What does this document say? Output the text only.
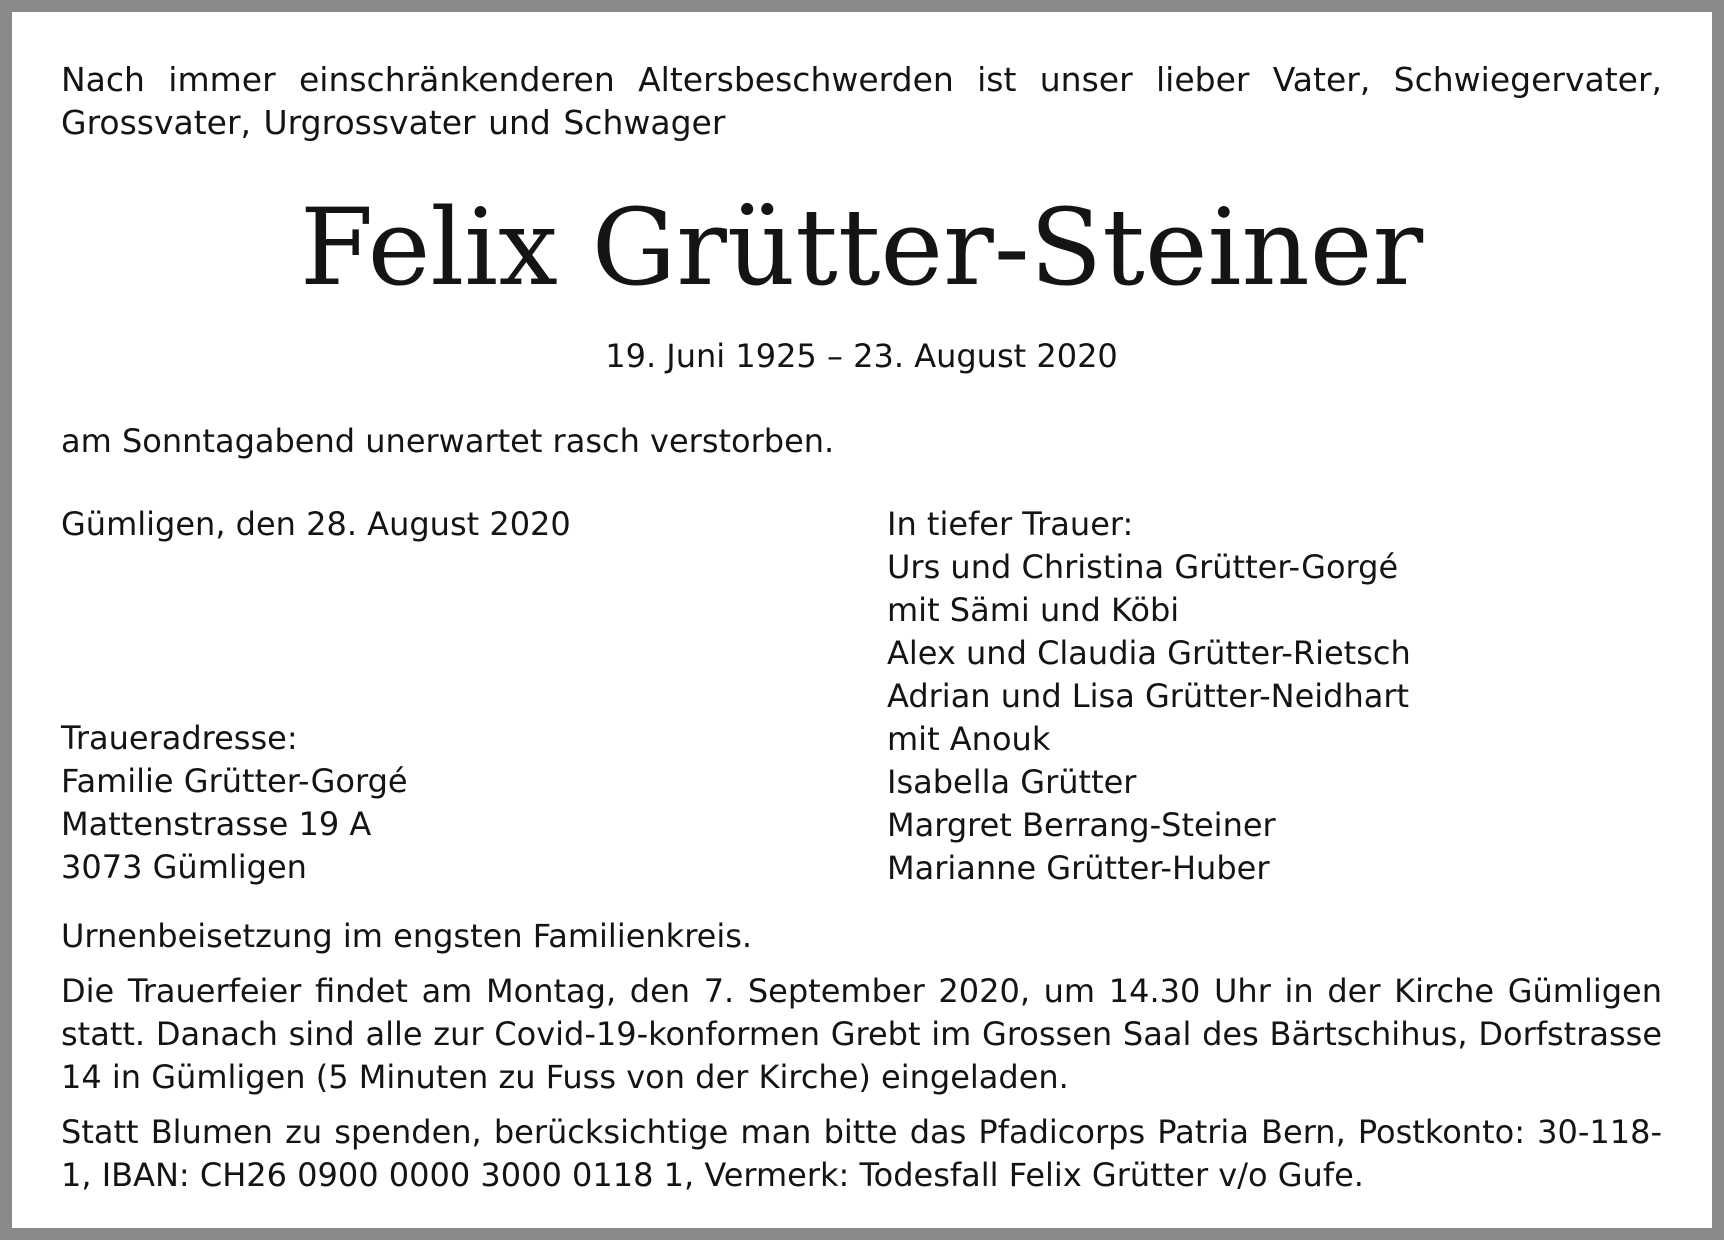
Nach immer einschränkenderen Altersbeschwerden ist unser lieber Vater, Schwiegervater, Grossvater, Urgrossvater und Schwager

Felix Grütter-Steiner

19. Juni 1925 – 23. August 2020

am Sonntagabend unerwartet rasch verstorben.

Gümligen, den 28. August 2020

Traueradresse:

Familie Grütter-Gorgé

Mattenstrasse 19 A

3073 Gümligen

In tiefer Trauer:

Urs und Christina Grütter-Gorgé

mit Sämi und Köbi

Alex und Claudia Grütter-Rietsch

Adrian und Lisa Grütter-Neidhart

mit Anouk

Isabella Grütter

Margret Berrang-Steiner

Marianne Grütter-Huber

Urnenbeisetzung im engsten Familienkreis.

Die Trauerfeier findet am Montag, den 7. September 2020, um 14.30 Uhr in der Kirche Gümligen statt. Danach sind alle zur Covid-19-konformen Grebt im Grossen Saal des Bärtschihus, Dorfstrasse 14 in Gümligen (5 Minuten zu Fuss von der Kirche) eingeladen.

Statt Blumen zu spenden, berücksichtige man bitte das Pfadicorps Patria Bern, Postkonto: 30-118-1, IBAN: CH26 0900 0000 3000 0118 1, Vermerk: Todesfall Felix Grütter v/o Gufe.
